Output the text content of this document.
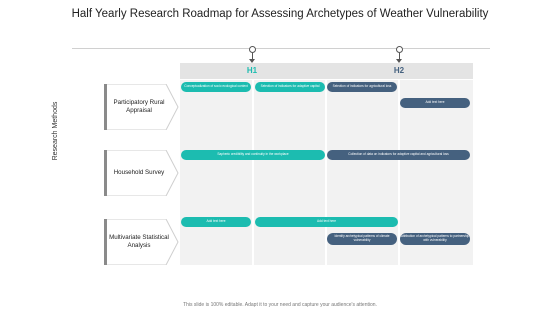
Half Yearly Research Roadmap for Assessing Archetypes of Weather Vulnerability
H1	H2
Research Methods	Participatory Rural Appraisal
Household Survey
Multivariate Statistical Analysis
Conceptualization of socio ecological context	Selection of indicators for adaptive capital	Selection of indicators for agricultural loss
Add text here
Sapheric credibility and continuity in the workplace	Collection of data on indicators for adaptive capital and agricultural loss
Add text here	Add text here
Identify archetypical patterns of climate vulnerability
Attribution of archetypical patterns to partnership with vulnerability
This slide is 100% editable. Adapt it to your need and capture your audience's attention.
